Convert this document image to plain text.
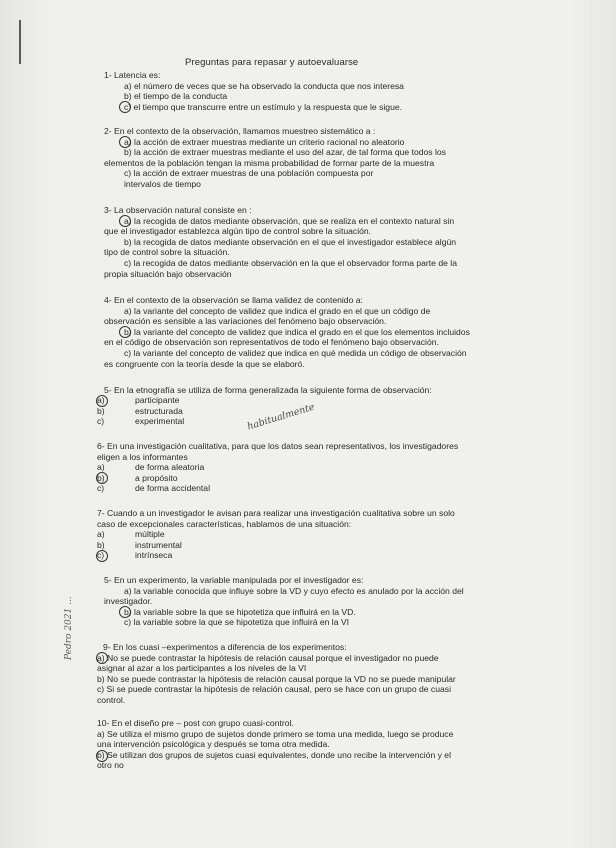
Preguntas para repasar y autoevaluarse
1- Latencia es:
a) el número de veces que se ha observado la conducta que nos interesa
b) el tiempo de la conducta
c) el tiempo que transcurre entre un estímulo y la respuesta que le sigue.
2- En el contexto de la observación, llamamos muestreo sistemático a :
a) la acción de extraer muestras mediante un criterio racional no aleatorio
b) la acción de extraer muestras mediante el uso del azar, de tal forma que todos los
elementos de la población tengan la misma probabilidad de formar parte de la muestra
c) la acción de extraer muestras de una población compuesta por
intervalos de tiempo
3- La observación natural consiste en :
a) la recogida de datos mediante observación, que se realiza en el contexto natural sin
que el investigador establezca algún tipo de control sobre la situación.
b) la recogida de datos mediante observación en el que el investigador establece algún
tipo de control sobre la situación.
c) la recogida de datos mediante observación en la que el observador forma parte de la
propia situación bajo observación
4- En el contexto de la observación se llama validez de contenido a:
a) la variante del concepto de validez que indica el grado en el que un código de
observación es sensible a las variaciones del fenómeno bajo observación.
b) la variante del concepto de validez que indica el grado en el que los elementos incluidos
en el código de observación son representativos de todo el fenómeno bajo observación.
c) la variante del concepto de validez que indica en qué medida un código de observación
es congruente con la teoría desde la que se elaboró.
5- En la etnografía se utiliza de forma generalizada la siguiente forma de observación:
a)	participante
b)	estructurada
c)	experimental	habitualmente
6- En una investigación cualitativa, para que los datos sean representativos, los investigadores
eligen a los informantes
a)	de forma aleatoria
b)	a propósito
c)	de forma accidental
7- Cuando a un investigador le avisan para realizar una investigación cualitativa sobre un solo
caso de excepcionales características, hablamos de una situación:
a)	múltiple
b)	instrumental
c)	intrínseca
5- En un experimento, la variable manipulada por el investigador es:
a) la variable conocida que influye sobre la VD y cuyo efecto es anulado por la acción del
investigador.
b) la variable sobre la que se hipotetiza que influirá en la VD.
c) la variable sobre la que se hipotetiza que influirá en la VI
Pedro 2021 ...	9- En los cuasi –experimentos a diferencia de los experimentos:
a) No se puede contrastar la hipótesis de relación causal porque el investigador no puede
asignar al azar a los participantes a los niveles de la VI
b) No se puede contrastar la hipótesis de relación causal porque la VD no se puede manipular
c) Si se puede contrastar la hipótesis de relación causal, pero se hace con un grupo de cuasi
control.
10- En el diseño pre – post con grupo cuasi-control.
a) Se utiliza el mismo grupo de sujetos donde primero se toma una medida, luego se produce
una intervención psicológica y después se toma otra medida.
b) Se utilizan dos grupos de sujetos cuasi equivalentes, donde uno recibe la intervención y el
otro no
